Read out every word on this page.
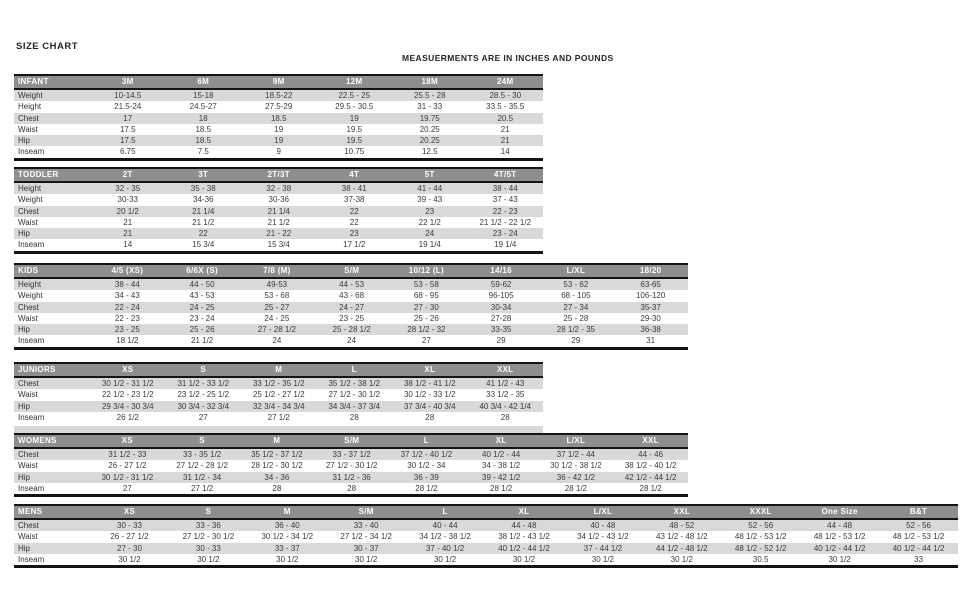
SIZE CHART
MEASUERMENTS ARE IN INCHES AND POUNDS
INFANT	3M	6M	9M	12M	18M	24M
Weight	10-14.5	15-18	18.5-22	22.5 - 25	25.5 - 28	28.5 - 30
Height	21.5-24	24.5-27	27.5-29	29.5 - 30.5	31 - 33	33.5 - 35.5
Chest	17	18	18.5	19	19.75	20.5
Waist	17.5	18.5	19	19.5	20.25	21
Hip	17.5	18.5	19	19.5	20.25	21
Inseam	6.75	7.5	9	10.75	12.5	14
TODDLER	2T	3T	2T/3T	4T	5T	4T/5T
Height	32 - 35	35 - 38	32 - 38	38 - 41	41 - 44	38 - 44
Weight	30-33	34-36	30-36	37-38	39 - 43	37 - 43
Chest	20 1/2	21 1/4	21 1/4	22	23	22 - 23
Waist	21	21 1/2	21 1/2	22	22 1/2	21 1/2 - 22 1/2
Hip	21	22	21 - 22	23	24	23 - 24
Inseam	14	15 3/4	15 3/4	17 1/2	19 1/4	19 1/4
KIDS	4/5 (XS)	6/6X (S)	7/8 (M)	S/M	10/12 (L)	14/16	L/XL	18/20
Height	38 - 44	44 - 50	49-53	44 - 53	53 - 58	59-62	53 - 62	63-65
Weight	34 - 43	43 - 53	53 - 68	43 - 68	68 - 95	96-105	68 - 105	106-120
Chest	22 - 24	24 - 25	25 - 27	24 - 27	27 - 30	30-34	27 - 34	35-37
Waist	22 - 23	23 - 24	24 - 25	23 - 25	25 - 26	27-28	25 - 28	29-30
Hip	23 - 25	25 - 26	27 - 28 1/2	25 - 28 1/2	28 1/2 - 32	33-35	28 1/2 - 35	36-38
Inseam	18 1/2	21 1/2	24	24	27	29	29	31
JUNIORS	XS	S	M	L	XL	XXL
Chest	30 1/2 - 31 1/2	31 1/2 - 33 1/2	33 1/2 - 35 1/2	35 1/2 - 38 1/2	38 1/2 - 41 1/2	41 1/2 - 43
Waist	22 1/2 - 23 1/2	23 1/2 - 25 1/2	25 1/2 - 27 1/2	27 1/2 - 30 1/2	30 1/2 - 33 1/2	33 1/2 - 35
Hip	29 3/4 - 30 3/4	30 3/4 - 32 3/4	32 3/4 - 34 3/4	34 3/4 - 37 3/4	37 3/4 - 40 3/4	40 3/4 - 42 1/4
Inseam	26 1/2	27	27 1/2	28	28	28

WOMENS	XS	S	M	S/M	L	XL	L/XL	XXL
Chest	31 1/2 - 33	33 - 35 1/2	35 1/2 - 37 1/2	33 - 37 1/2	37 1/2 - 40 1/2	40 1/2 - 44	37 1/2 - 44	44 - 46
Waist	26 - 27 1/2	27 1/2 - 28 1/2	28 1/2 - 30 1/2	27 1/2 - 30 1/2	30 1/2 - 34	34 - 38 1/2	30 1/2 - 38 1/2	38 1/2 - 40 1/2
Hip	30 1/2 - 31 1/2	31 1/2 - 34	34 - 36	31 1/2 - 36	36 - 39	39 - 42 1/2	36 - 42 1/2	42 1/2 - 44 1/2
Inseam	27	27 1/2	28	28	28 1/2	28 1/2	28 1/2	28 1/2
MENS	XS	S	M	S/M	L	XL	L/XL	XXL	XXXL	One Size	B&T
Chest	30 - 33	33 - 36	36 - 40	33 - 40	40 - 44	44 - 48	40 - 48	48 - 52	52 - 56	44 - 48	52 - 56
Waist	26 - 27 1/2	27 1/2 - 30 1/2	30 1/2 - 34 1/2	27 1/2 - 34 1/2	34 1/2 - 38 1/2	38 1/2 - 43 1/2	34 1/2 - 43 1/2	43 1/2 - 48 1/2	48 1/2 - 53 1/2	48 1/2 - 53 1/2	48 1/2 - 53 1/2
Hip	27 - 30	30 - 33	33 - 37	30 - 37	37 - 40 1/2	40 1/2 - 44 1/2	37 - 44 1/2	44 1/2 - 48 1/2	48 1/2 - 52 1/2	40 1/2 - 44 1/2	40 1/2 - 44 1/2
Inseam	30 1/2	30 1/2	30 1/2	30 1/2	30 1/2	30 1/2	30 1/2	30 1/2	30.5	30 1/2	33
